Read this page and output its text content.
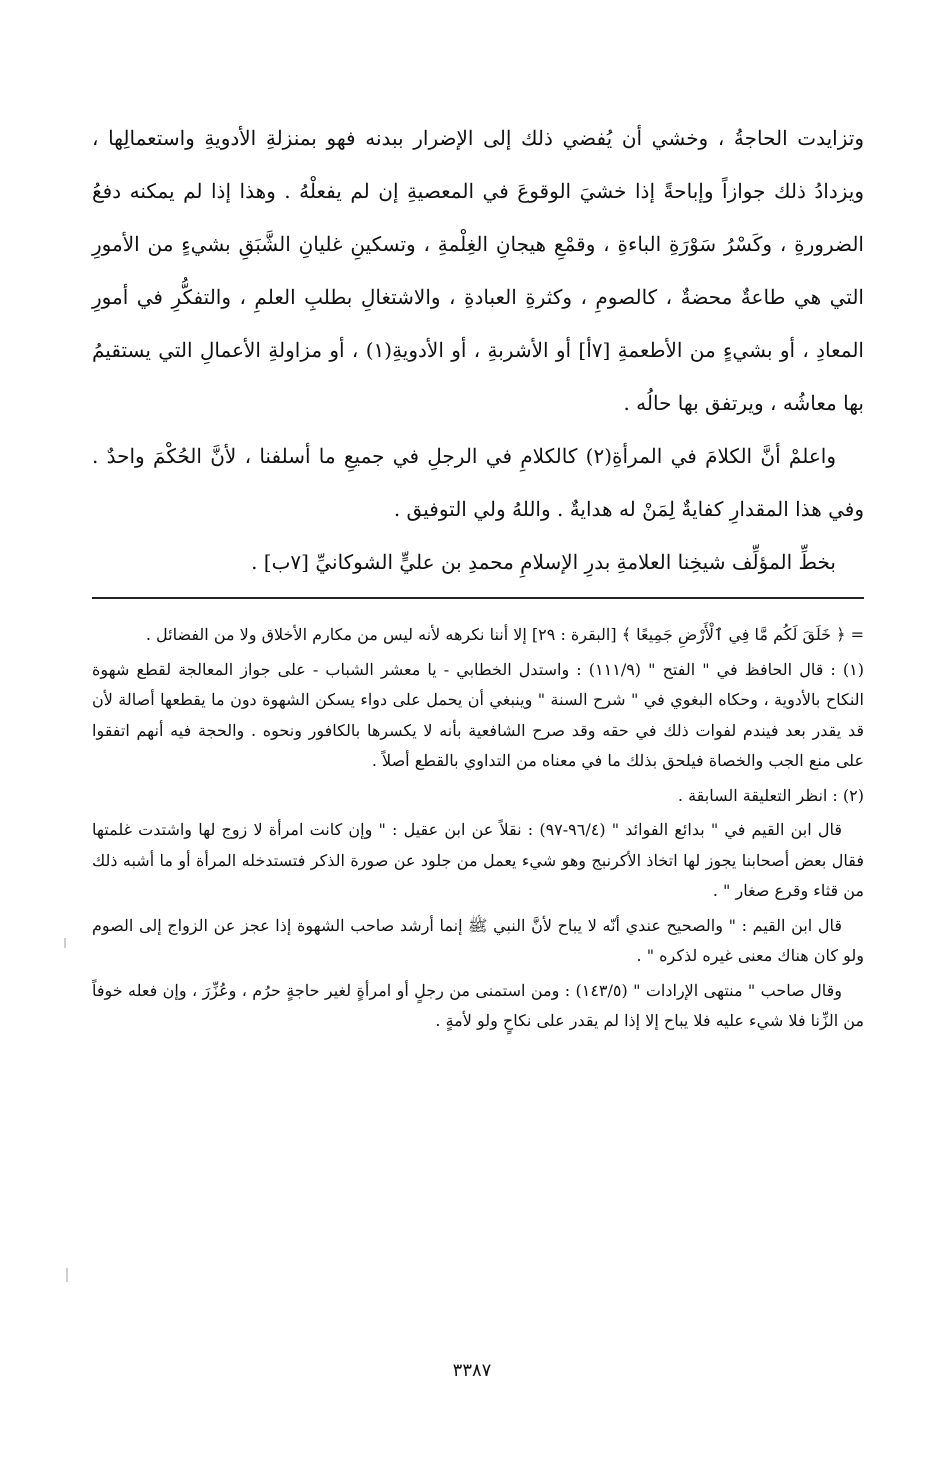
وتزايدت الحاجةُ ، وخشي أن يُفضي ذلك إلى الإضرار ببدنه فهو بمنزلةِ الأدويةِ واستعمالِها ، ويزدادُ ذلك جوازاً وإباحةً إذا خشيَ الوقوعَ في المعصيةِ إن لم يفعلْهُ . وهذا إذا لم يمكنه دفعُ الضرورةِ ، وكَسْرُ سَوْرَةِ الباءةِ ، وقمْعِ هيجانِ الغِلْمةِ ، وتسكينِ غليانِ الشَّبَقِ بشيءٍ من الأمورِ التي هي طاعةٌ محضةٌ ، كالصومِ ، وكثرةِ العبادةِ ، والاشتغالِ بطلبِ العلمِ ، والتفكُّرِ في أمورِ المعادِ ، أو بشيءٍ من الأطعمةِ [٧أ] أو الأشربةِ ، أو الأدويةِ(١) ، أو مزاولةِ الأعمالِ التي يستقيمُ بها معاشُه ، ويرتفق بها حالُه .

واعلمْ أنَّ الكلامَ في المرأةِ(٢) كالكلامِ في الرجلِ في جميعِ ما أسلفنا ، لأنَّ الحُكْمَ واحدٌ . وفي هذا المقدارِ كفايةٌ لِمَنْ له هدايةٌ . واللهُ ولي التوفيق .

بخطِّ المؤلِّف شيخِنا العلامةِ بدرِ الإسلامِ محمدِ بن عليٍّ الشوكانيِّ [٧ب] .

= ﴿ خَلَقَ لَكُم مَّا فِي ٱلْأَرْضِ جَمِيعًا ﴾ [البقرة : ٢٩] إلا أننا نكرهه لأنه ليس من مكارم الأخلاق ولا من الفضائل .

(١) : قال الحافظ في " الفتح " (١١١/٩) : واستدل الخطابي - يا معشر الشباب - على جواز المعالجة لقطع شهوة النكاح بالأدوية ، وحكاه البغوي في " شرح السنة " وينبغي أن يحمل على دواء يسكن الشهوة دون ما يقطعها أصالة لأن قد يقدر بعد فيندم لفوات ذلك في حقه وقد صرح الشافعية بأنه لا يكسرها بالكافور ونحوه . والحجة فيه أنهم اتفقوا على منع الجب والخصاة فيلحق بذلك ما في معناه من التداوي بالقطع أصلاً .

(٢) : انظر التعليقة السابقة .

قال ابن القيم في " بدائع الفوائد " (٩٦/٤-٩٧) : نقلاً عن ابن عقيل : " وإن كانت امرأة لا زوج لها واشتدت غلمتها فقال بعض أصحابنا يجوز لها اتخاذ الأكرنبج وهو شيء يعمل من جلود عن صورة الذكر فتستدخله المرأة أو ما أشبه ذلك من قثاء وقرع صغار " .

قال ابن القيم : " والصحيح عندي أنّه لا يباح لأنَّ النبي ﷺ إنما أرشد صاحب الشهوة إذا عجز عن الزواج إلى الصوم ولو كان هناك معنى غيره لذكره " .

وقال صاحب " منتهى الإرادات " (١٤٣/٥) : ومن استمنى من رجلٍ أو امرأةٍ لغير حاجةٍ حرُم ، وعُزِّرَ ، وإن فعله خوفاً من الزِّنا فلا شيء عليه فلا يباح إلا إذا لم يقدر على نكاحٍ ولو لأمةٍ .

٣٣٨٧
